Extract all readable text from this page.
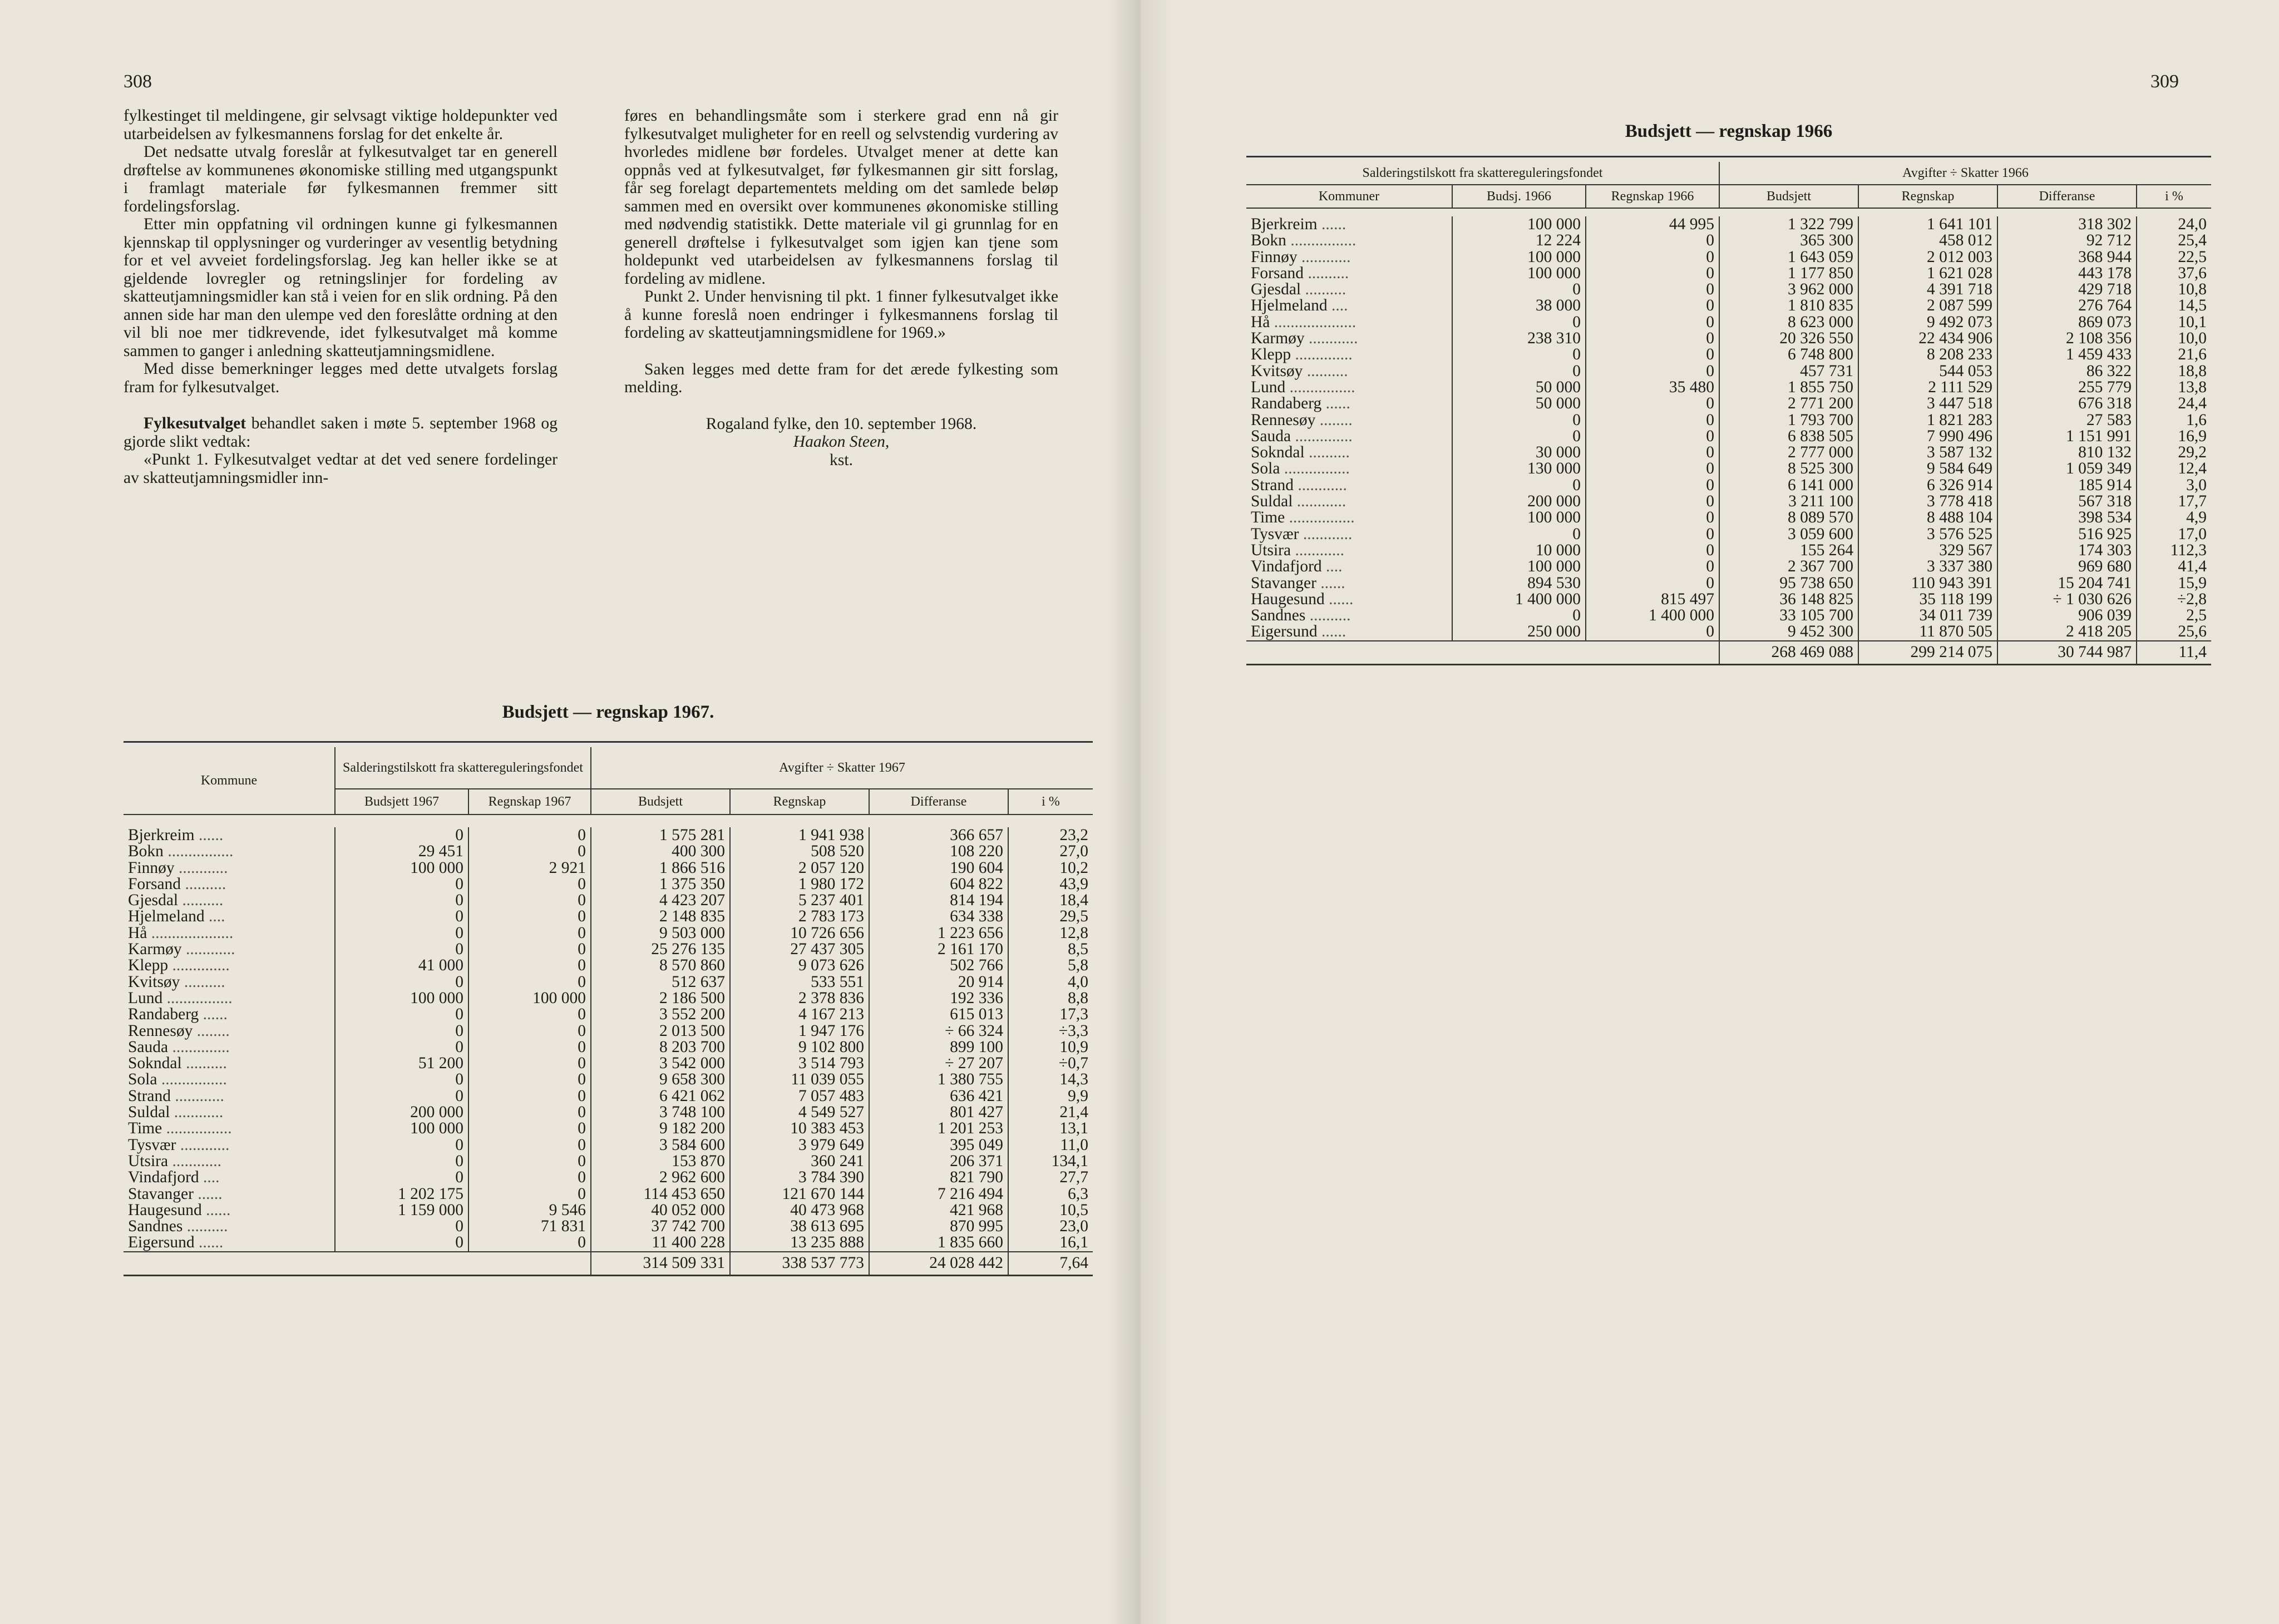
308

fylkestinget til meldingene, gir selvsagt viktige holdepunkter ved utarbeidelsen av fylkesmannens forslag for det enkelte år.

Det nedsatte utvalg foreslår at fylkesutvalget tar en generell drøftelse av kommunenes økonomiske stilling med utgangspunkt i framlagt materiale før fylkesmannen fremmer sitt fordelingsforslag.

Etter min oppfatning vil ordningen kunne gi fylkesmannen kjennskap til opplysninger og vurderinger av vesentlig betydning for et vel avveiet fordelingsforslag. Jeg kan heller ikke se at gjeldende lovregler og retningslinjer for fordeling av skatteutjamningsmidler kan stå i veien for en slik ordning. På den annen side har man den ulempe ved den foreslåtte ordning at den vil bli noe mer tidkrevende, idet fylkesutvalget må komme sammen to ganger i anledning skatteutjamningsmidlene.

Med disse bemerkninger legges med dette utvalgets forslag fram for fylkesutvalget.

Fylkesutvalget behandlet saken i møte 5. september 1968 og gjorde slikt vedtak:

«Punkt 1. Fylkesutvalget vedtar at det ved senere fordelinger av skatteutjamningsmidler inn-

føres en behandlingsmåte som i sterkere grad enn nå gir fylkesutvalget muligheter for en reell og selvstendig vurdering av hvorledes midlene bør fordeles. Utvalget mener at dette kan oppnås ved at fylkesutvalget, før fylkesmannen gir sitt forslag, får seg forelagt departementets melding om det samlede beløp sammen med en oversikt over kommunenes økonomiske stilling med nødvendig statistikk. Dette materiale vil gi grunnlag for en generell drøftelse i fylkesutvalget som igjen kan tjene som holdepunkt ved utarbeidelsen av fylkesmannens forslag til fordeling av midlene.

Punkt 2. Under henvisning til pkt. 1 finner fylkesutvalget ikke å kunne foreslå noen endringer i fylkesmannens forslag til fordeling av skatteutjamningsmidlene for 1969.»

Saken legges med dette fram for det ærede fylkesting som melding.

Rogaland fylke, den 10. september 1968.

Haakon Steen,

kst.

Budsjett — regnskap 1967.

Kommune	Salderingstilskott fra skattereguleringsfondet		Avgifter ÷ Skatter 1967			
	Budsjett 1967	Regnskap 1967	Budsjett	Regnskap	Differanse	i %

Bjerkreim ......	0	0	1 575 281	1 941 938	366 657	23,2
Bokn ................	29 451	0	400 300	508 520	108 220	27,0
Finnøy ............	100 000	2 921	1 866 516	2 057 120	190 604	10,2
Forsand ..........	0	0	1 375 350	1 980 172	604 822	43,9
Gjesdal ..........	0	0	4 423 207	5 237 401	814 194	18,4
Hjelmeland ....	0	0	2 148 835	2 783 173	634 338	29,5
Hå ....................	0	0	9 503 000	10 726 656	1 223 656	12,8
Karmøy ............	0	0	25 276 135	27 437 305	2 161 170	8,5
Klepp ..............	41 000	0	8 570 860	9 073 626	502 766	5,8
Kvitsøy ..........	0	0	512 637	533 551	20 914	4,0
Lund ................	100 000	100 000	2 186 500	2 378 836	192 336	8,8
Randaberg ......	0	0	3 552 200	4 167 213	615 013	17,3
Rennesøy ........	0	0	2 013 500	1 947 176	÷ 66 324	÷3,3
Sauda ..............	0	0	8 203 700	9 102 800	899 100	10,9
Sokndal ..........	51 200	0	3 542 000	3 514 793	÷ 27 207	÷0,7
Sola ................	0	0	9 658 300	11 039 055	1 380 755	14,3
Strand ............	0	0	6 421 062	7 057 483	636 421	9,9
Suldal ............	200 000	0	3 748 100	4 549 527	801 427	21,4
Time ................	100 000	0	9 182 200	10 383 453	1 201 253	13,1
Tysvær ............	0	0	3 584 600	3 979 649	395 049	11,0
Utsira ............	0	0	153 870	360 241	206 371	134,1
Vindafjord ....	0	0	2 962 600	3 784 390	821 790	27,7
Stavanger ......	1 202 175	0	114 453 650	121 670 144	7 216 494	6,3
Haugesund ......	1 159 000	9 546	40 052 000	40 473 968	421 968	10,5
Sandnes ..........	0	71 831	37 742 700	38 613 695	870 995	23,0
Eigersund ......	0	0	11 400 228	13 235 888	1 835 660	16,1
			314 509 331	338 537 773	24 028 442	7,64
309
Budsjett — regnskap 1966

Salderingstilskott fra skattereguleringsfondet			Avgifter ÷ Skatter 1966			
Kommuner	Budsj. 1966	Regnskap 1966	Budsjett	Regnskap	Differanse	i %

Bjerkreim ......	100 000	44 995	1 322 799	1 641 101	318 302	24,0
Bokn ................	12 224	0	365 300	458 012	92 712	25,4
Finnøy ............	100 000	0	1 643 059	2 012 003	368 944	22,5
Forsand ..........	100 000	0	1 177 850	1 621 028	443 178	37,6
Gjesdal ..........	0	0	3 962 000	4 391 718	429 718	10,8
Hjelmeland ....	38 000	0	1 810 835	2 087 599	276 764	14,5
Hå ....................	0	0	8 623 000	9 492 073	869 073	10,1
Karmøy ............	238 310	0	20 326 550	22 434 906	2 108 356	10,0
Klepp ..............	0	0	6 748 800	8 208 233	1 459 433	21,6
Kvitsøy ..........	0	0	457 731	544 053	86 322	18,8
Lund ................	50 000	35 480	1 855 750	2 111 529	255 779	13,8
Randaberg ......	50 000	0	2 771 200	3 447 518	676 318	24,4
Rennesøy ........	0	0	1 793 700	1 821 283	27 583	1,6
Sauda ..............	0	0	6 838 505	7 990 496	1 151 991	16,9
Sokndal ..........	30 000	0	2 777 000	3 587 132	810 132	29,2
Sola ................	130 000	0	8 525 300	9 584 649	1 059 349	12,4
Strand ............	0	0	6 141 000	6 326 914	185 914	3,0
Suldal ............	200 000	0	3 211 100	3 778 418	567 318	17,7
Time ................	100 000	0	8 089 570	8 488 104	398 534	4,9
Tysvær ............	0	0	3 059 600	3 576 525	516 925	17,0
Utsira ............	10 000	0	155 264	329 567	174 303	112,3
Vindafjord ....	100 000	0	2 367 700	3 337 380	969 680	41,4
Stavanger ......	894 530	0	95 738 650	110 943 391	15 204 741	15,9
Haugesund ......	1 400 000	815 497	36 148 825	35 118 199	÷ 1 030 626	÷2,8
Sandnes ..........	0	1 400 000	33 105 700	34 011 739	906 039	2,5
Eigersund ......	250 000	0	9 452 300	11 870 505	2 418 205	25,6
			268 469 088	299 214 075	30 744 987	11,4
